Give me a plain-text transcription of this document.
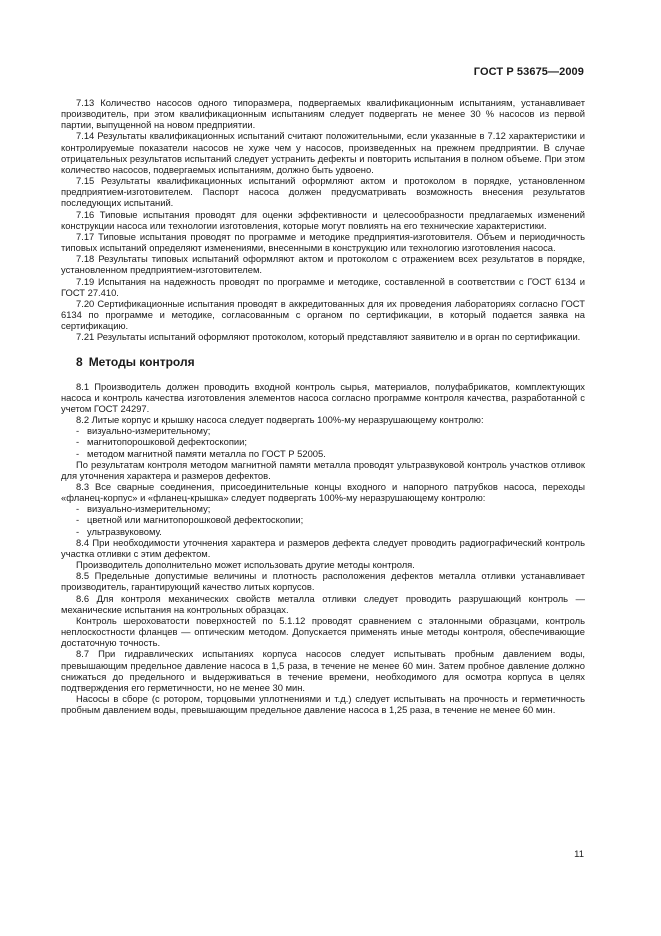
ГОСТ Р 53675—2009

7.13 Количество насосов одного типоразмера, подвергаемых квалификационным испытаниям, устанавливает производитель, при этом квалификационным испытаниям следует подвергать не менее 30 % насосов из первой партии, выпущенной на новом предприятии.

7.14 Результаты квалификационных испытаний считают положительными, если указанные в 7.12 характеристики и контролируемые показатели насосов не хуже чем у насосов, произведенных на прежнем предприятии. В случае отрицательных результатов испытаний следует устранить дефекты и повторить испытания в полном объеме. При этом количество насосов, подвергаемых испытаниям, должно быть удвоено.

7.15 Результаты квалификационных испытаний оформляют актом и протоколом в порядке, установленном предприятием-изготовителем. Паспорт насоса должен предусматривать возможность внесения результатов последующих испытаний.

7.16 Типовые испытания проводят для оценки эффективности и целесообразности предлагаемых изменений конструкции насоса или технологии изготовления, которые могут повлиять на его технические характеристики.

7.17 Типовые испытания проводят по программе и методике предприятия-изготовителя. Объем и периодичность типовых испытаний определяют изменениями, внесенными в конструкцию или технологию изготовления насоса.

7.18 Результаты типовых испытаний оформляют актом и протоколом с отражением всех результатов в порядке, установленном предприятием-изготовителем.

7.19 Испытания на надежность проводят по программе и методике, составленной в соответствии с ГОСТ 6134 и ГОСТ 27.410.

7.20 Сертификационные испытания проводят в аккредитованных для их проведения лабораториях согласно ГОСТ 6134 по программе и методике, согласованным с органом по сертификации, в который подается заявка на сертификацию.

7.21 Результаты испытаний оформляют протоколом, который представляют заявителю и в орган по сертификации.

8 Методы контроля

8.1 Производитель должен проводить входной контроль сырья, материалов, полуфабрикатов, комплектующих насоса и контроль качества изготовления элементов насоса согласно программе контроля качества, разработанной с учетом ГОСТ 24297.

8.2 Литые корпус и крышку насоса следует подвергать 100%-му неразрушающему контролю:

- визуально-измерительному;

- магнитопорошковой дефектоскопии;

- методом магнитной памяти металла по ГОСТ Р 52005.

По результатам контроля методом магнитной памяти металла проводят ультразвуковой контроль участков отливок для уточнения характера и размеров дефектов.

8.3 Все сварные соединения, присоединительные концы входного и напорного патрубков насоса, переходы «фланец-корпус» и «фланец-крышка» следует подвергать 100%-му неразрушающему контролю:

- визуально-измерительному;

- цветной или магнитопорошковой дефектоскопии;

- ультразвуковому.

8.4 При необходимости уточнения характера и размеров дефекта следует проводить радиографический контроль участка отливки с этим дефектом.

Производитель дополнительно может использовать другие методы контроля.

8.5 Предельные допустимые величины и плотность расположения дефектов металла отливки устанавливает производитель, гарантирующий качество литых корпусов.

8.6 Для контроля механических свойств металла отливки следует проводить разрушающий контроль — механические испытания на контрольных образцах.

Контроль шероховатости поверхностей по 5.1.12 проводят сравнением с эталонными образцами, контроль неплоскостности фланцев — оптическим методом. Допускается применять иные методы контроля, обеспечивающие достаточную точность.

8.7 При гидравлических испытаниях корпуса насосов следует испытывать пробным давлением воды, превышающим предельное давление насоса в 1,5 раза, в течение не менее 60 мин. Затем пробное давление должно снижаться до предельного и выдерживаться в течение времени, необходимого для осмотра корпуса в целях подтверждения его герметичности, но не менее 30 мин.

Насосы в сборе (с ротором, торцовыми уплотнениями и т.д.) следует испытывать на прочность и герметичность пробным давлением воды, превышающим предельное давление насоса в 1,25 раза, в течение не менее 60 мин.

11
